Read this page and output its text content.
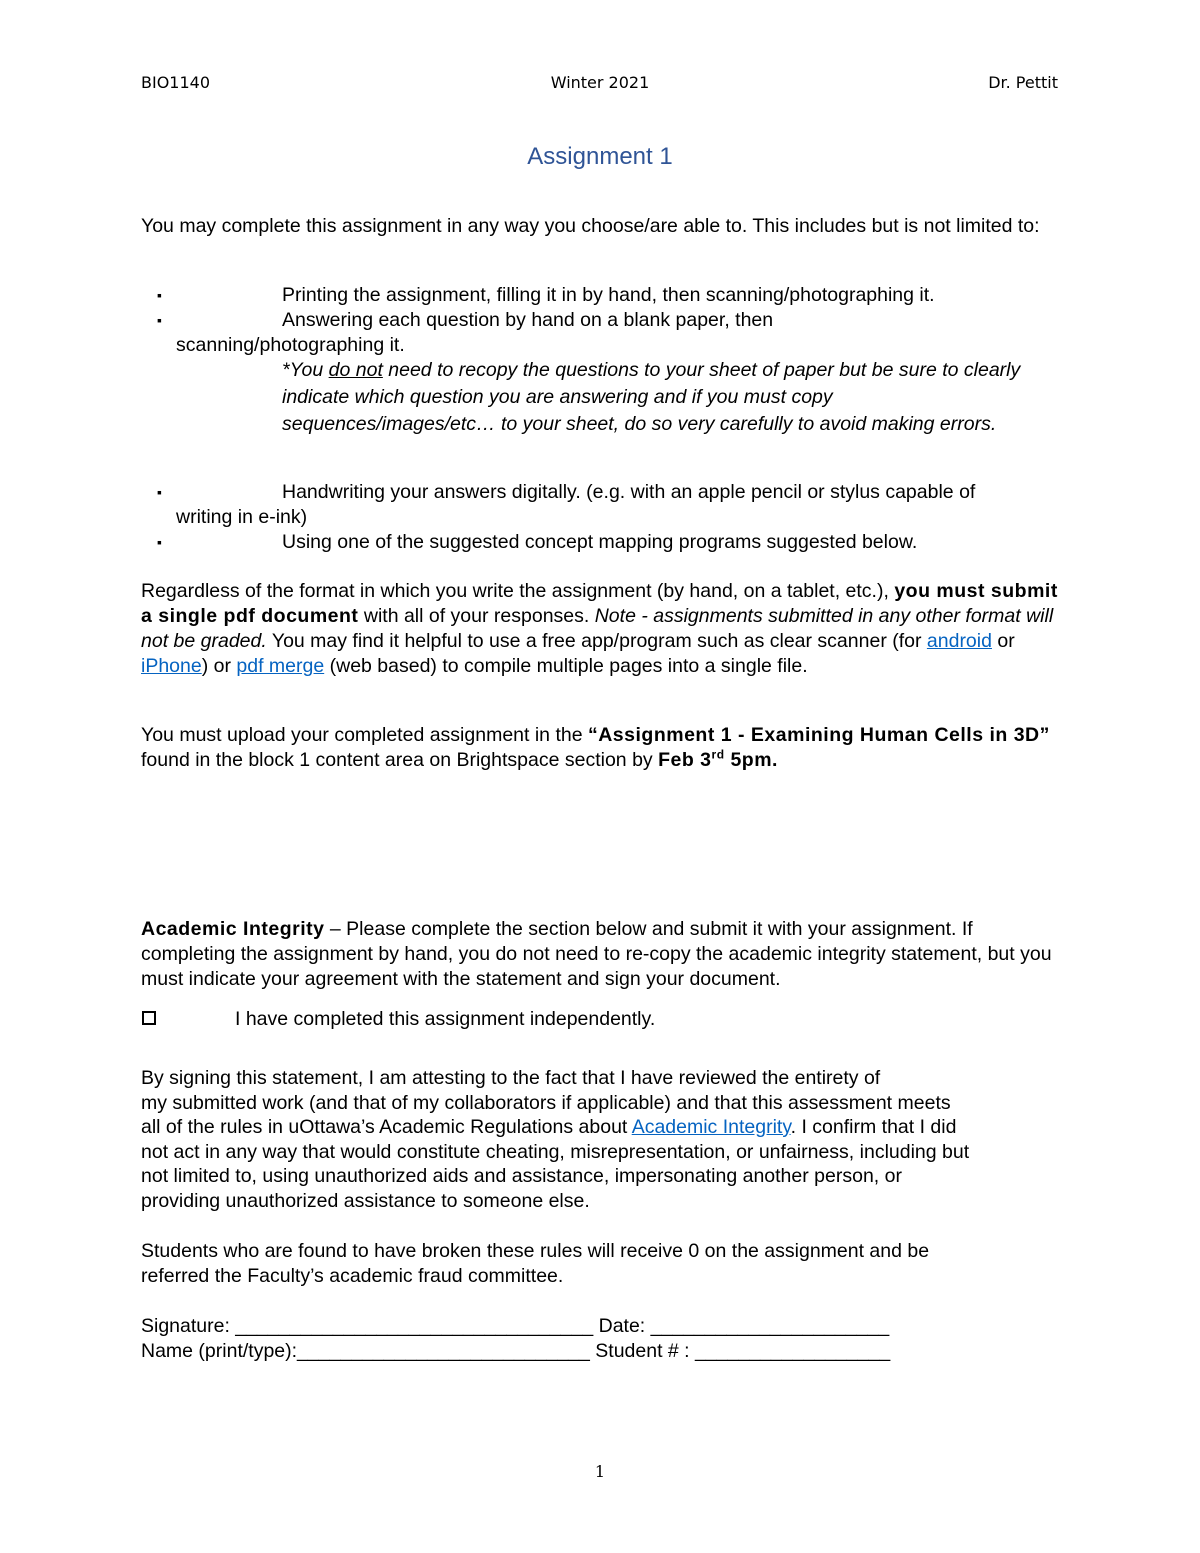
BIO1140	Winter 2021	Dr. Pettit
Assignment 1
You may complete this assignment in any way you choose/are able to. This includes but is not limited to:
▪	Printing the assignment, filling it in by hand, then scanning/photographing it.
▪	Answering each question by hand on a blank paper, then
scanning/photographing it.
*You do not need to recopy the questions to your sheet of paper but be sure to clearly indicate which question you are answering and if you must copy sequences/images/etc… to your sheet, do so very carefully to avoid making errors.
▪	Handwriting your answers digitally. (e.g. with an apple pencil or stylus capable of
writing in e-ink)
▪	Using one of the suggested concept mapping programs suggested below.
Regardless of the format in which you write the assignment (by hand, on a tablet, etc.), you must submit a single pdf document with all of your responses. Note - assignments submitted in any other format will not be graded. You may find it helpful to use a free app/program such as clear scanner (for android or iPhone) or pdf merge (web based) to compile multiple pages into a single file.
You must upload your completed assignment in the “Assignment 1 - Examining Human Cells in 3D” found in the block 1 content area on Brightspace section by Feb 3rd 5pm.
Academic Integrity – Please complete the section below and submit it with your assignment. If completing the assignment by hand, you do not need to re-copy the academic integrity statement, but you must indicate your agreement with the statement and sign your document.
I have completed this assignment independently.
By signing this statement, I am attesting to the fact that I have reviewed the entirety of
my submitted work (and that of my collaborators if applicable) and that this assessment meets
all of the rules in uOttawa’s Academic Regulations about Academic Integrity. I confirm that I did
not act in any way that would constitute cheating, misrepresentation, or unfairness, including but
not limited to, using unauthorized aids and assistance, impersonating another person, or
providing unauthorized assistance to someone else.
Students who are found to have broken these rules will receive 0 on the assignment and be
referred the Faculty’s academic fraud committee.
Signature: _________________________________ Date: ______________________
Name (print/type):___________________________ Student # : __________________
1
